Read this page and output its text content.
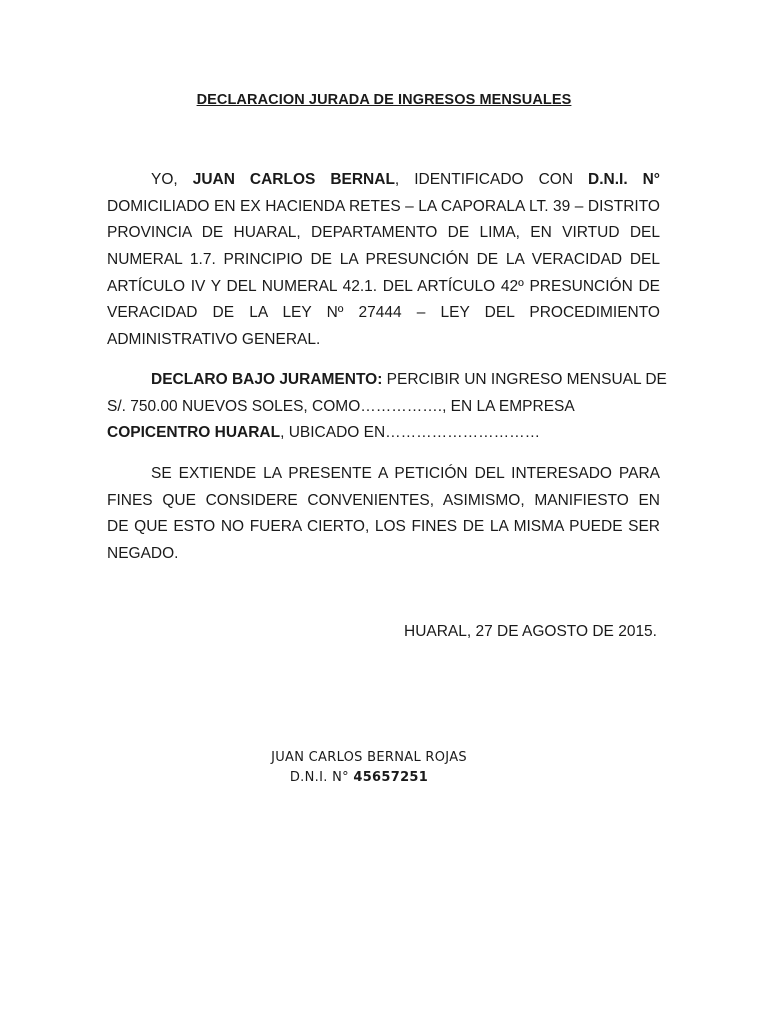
DECLARACION JURADA DE INGRESOS MENSUALES
YO, JUAN CARLOS BERNAL, IDENTIFICADO CON D.N.I. N°
DOMICILIADO EN EX HACIENDA RETES – LA CAPORALA LT. 39 – DISTRITO
PROVINCIA DE HUARAL, DEPARTAMENTO DE LIMA, EN VIRTUD DEL
NUMERAL 1.7. PRINCIPIO DE LA PRESUNCIÓN DE LA VERACIDAD DEL
ARTÍCULO IV Y DEL NUMERAL 42.1. DEL ARTÍCULO 42º PRESUNCIÓN DE
VERACIDAD DE LA LEY Nº 27444 – LEY DEL PROCEDIMIENTO
ADMINISTRATIVO GENERAL.
DECLARO BAJO JURAMENTO: PERCIBIR UN INGRESO MENSUAL DE
S/. 750.00 NUEVOS SOLES, COMO……………., EN LA EMPRESA
COPICENTRO HUARAL, UBICADO EN…………………………
SE EXTIENDE LA PRESENTE A PETICIÓN DEL INTERESADO PARA
FINES QUE CONSIDERE CONVENIENTES, ASIMISMO, MANIFIESTO EN
DE QUE ESTO NO FUERA CIERTO, LOS FINES DE LA MISMA PUEDE SER
NEGADO.
HUARAL, 27 DE AGOSTO DE 2015.
JUAN CARLOS BERNAL ROJAS
D.N.I. N° 45657251
